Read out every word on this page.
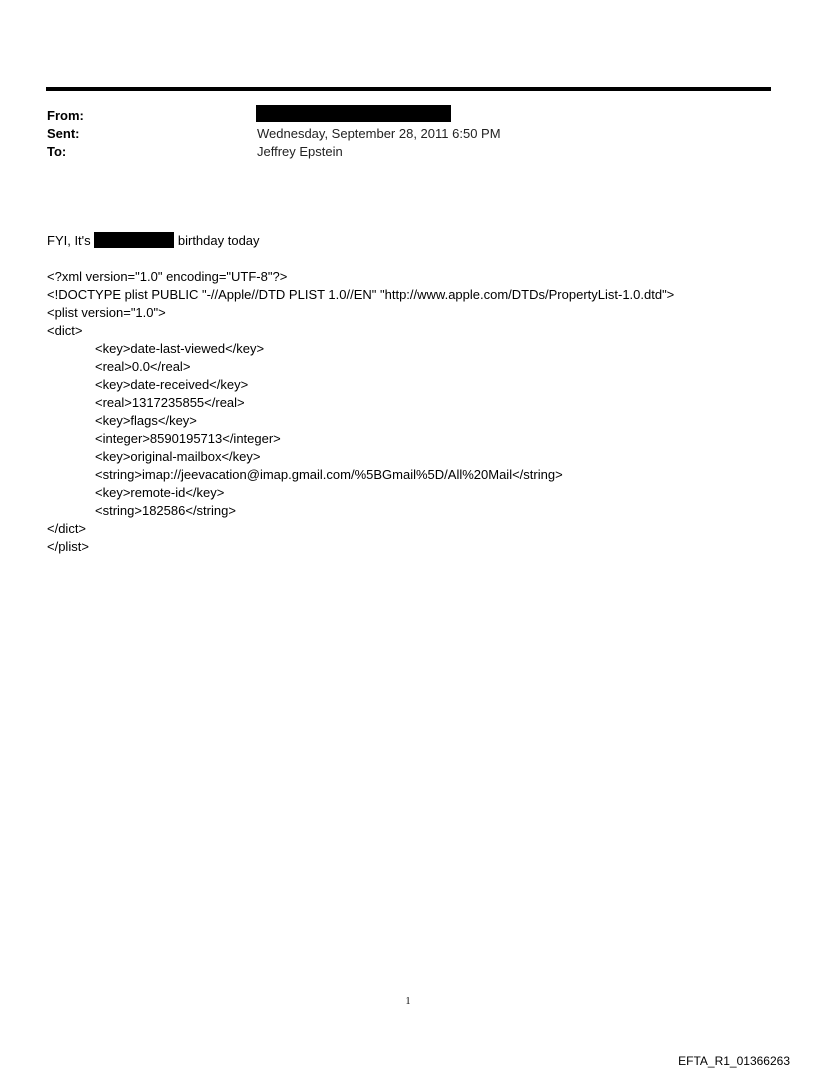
From:
Sent:	Wednesday, September 28, 2011 6:50 PM
To:	Jeffrey Epstein

FYI, It's	birthday today

<?xml version="1.0" encoding="UTF-8"?>
<!DOCTYPE plist PUBLIC "-//Apple//DTD PLIST 1.0//EN" "http://www.apple.com/DTDs/PropertyList-1.0.dtd">
<plist version="1.0">
<dict>
<key>date-last-viewed</key>
<real>0.0</real>
<key>date-received</key>
<real>1317235855</real>
<key>flags</key>
<integer>8590195713</integer>
<key>original-mailbox</key>
<string>imap://jeevacation@imap.gmail.com/%5BGmail%5D/All%20Mail</string>
<key>remote-id</key>
<string>182586</string>
</dict>
</plist>
1
EFTA_R1_01366263
